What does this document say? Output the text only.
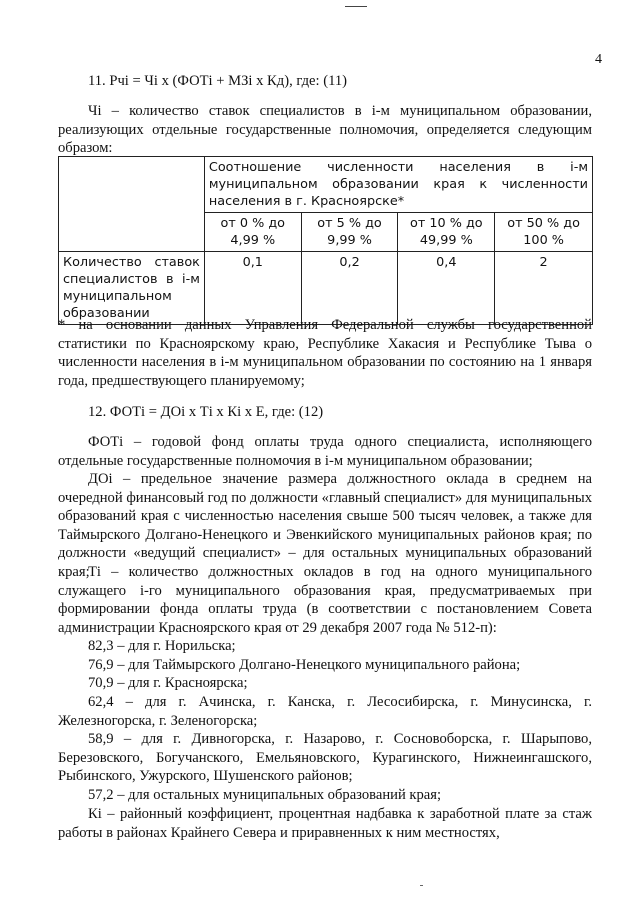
4
11. Рчi = Чi х (ФОТi + МЗi х Кд), где: (11)
Чi – количество ставок специалистов в i-м муниципальном образовании, реализующих отдельные государственные полномочия, определяется следующим образом:
	Соотношение численности населения в i-м муниципальном образовании края к численности населения в г. Красноярске*			
	от 0 % до 4,99 %	от 5 % до 9,99 %	от 10 % до 49,99 %	от 50 % до 100 %
Количество ставок специалистов в i-м муниципальном образовании	0,1	0,2	0,4	2
* на основании данных Управления Федеральной службы государственной статистики по Красноярскому краю, Республике Хакасия и Республике Тыва о численности населения в i-м муниципальном образовании по состоянию на 1 января года, предшествующего планируемому;
12. ФОТi = ДОi х Тi х Кi х Е, где: (12)
ФОТi – годовой фонд оплаты труда одного специалиста, исполняющего отдельные государственные полномочия в i-м муниципальном образовании;
ДОi – предельное значение размера должностного оклада в среднем на очередной финансовый год по должности «главный специалист» для муниципальных образований края с численностью населения свыше 500 тысяч человек, а также для Таймырского Долгано-Ненецкого и Эвенкийского муниципальных районов края; по должности «ведущий специалист» – для остальных муниципальных образований края;
Тi – количество должностных окладов в год на одного муниципального служащего i-го муниципального образования края, предусматриваемых при формировании фонда оплаты труда (в соответствии с постановлением Совета администрации Красноярского края от 29 декабря 2007 года № 512-п):
82,3 – для г. Норильска;
76,9 – для Таймырского Долгано-Ненецкого муниципального района;
70,9 – для г. Красноярска;
62,4 – для г. Ачинска, г. Канска, г. Лесосибирска, г. Минусинска, г. Железногорска, г. Зеленогорска;
58,9 – для г. Дивногорска, г. Назарово, г. Сосновоборска, г. Шарыпово, Березовского, Богучанского, Емельяновского, Курагинского, Нижнеингашского, Рыбинского, Ужурского, Шушенского районов;
57,2 – для остальных муниципальных образований края;
Кi – районный коэффициент, процентная надбавка к заработной плате за стаж работы в районах Крайнего Севера и приравненных к ним местностях,
